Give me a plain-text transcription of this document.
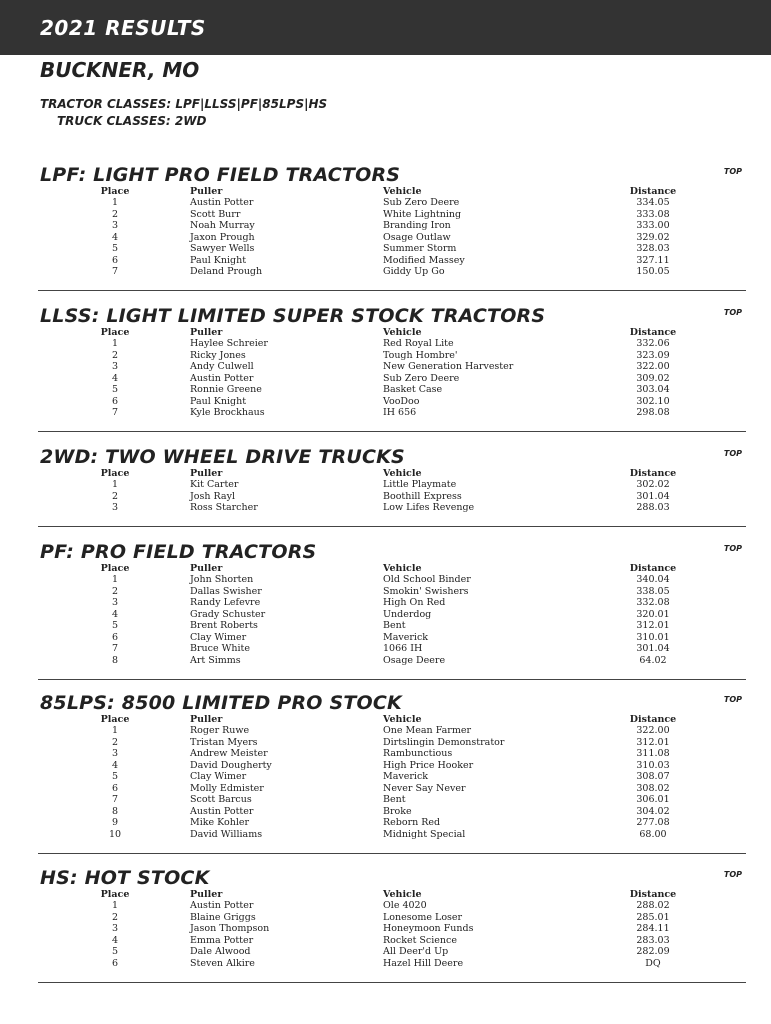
2021 RESULTS
BUCKNER, MO
TRACTOR CLASSES: LPF|LLSS|PF|85LPS|HS
TRUCK CLASSES: 2WD
LPF: LIGHT PRO FIELD TRACTORS	TOP
Place	Puller	Vehicle	Distance	
1	Austin Potter	Sub Zero Deere	334.05	
2	Scott Burr	White Lightning	333.08	
3	Noah Murray	Branding Iron	333.00	
4	Jaxon Prough	Osage Outlaw	329.02	
5	Sawyer Wells	Summer Storm	328.03	
6	Paul Knight	Modified Massey	327.11	
7	Deland Prough	Giddy Up Go	150.05	
LLSS: LIGHT LIMITED SUPER STOCK TRACTORS	TOP
Place	Puller	Vehicle	Distance	
1	Haylee Schreier	Red Royal Lite	332.06	
2	Ricky Jones	Tough Hombre'	323.09	
3	Andy Culwell	New Generation Harvester	322.00	
4	Austin Potter	Sub Zero Deere	309.02	
5	Ronnie Greene	Basket Case	303.04	
6	Paul Knight	VooDoo	302.10	
7	Kyle Brockhaus	IH 656	298.08	
2WD: TWO WHEEL DRIVE TRUCKS	TOP
Place	Puller	Vehicle	Distance	
1	Kit Carter	Little Playmate	302.02	
2	Josh Rayl	Boothill Express	301.04	
3	Ross Starcher	Low Lifes Revenge	288.03	
PF: PRO FIELD TRACTORS	TOP
Place	Puller	Vehicle	Distance	
1	John Shorten	Old School Binder	340.04	
2	Dallas Swisher	Smokin' Swishers	338.05	
3	Randy Lefevre	High On Red	332.08	
4	Grady Schuster	Underdog	320.01	
5	Brent Roberts	Bent	312.01	
6	Clay Wimer	Maverick	310.01	
7	Bruce White	1066 IH	301.04	
8	Art Simms	Osage Deere	64.02	
85LPS: 8500 LIMITED PRO STOCK	TOP
Place	Puller	Vehicle	Distance	
1	Roger Ruwe	One Mean Farmer	322.00	
2	Tristan Myers	Dirtslingin Demonstrator	312.01	
3	Andrew Meister	Rambunctious	311.08	
4	David Dougherty	High Price Hooker	310.03	
5	Clay Wimer	Maverick	308.07	
6	Molly Edmister	Never Say Never	308.02	
7	Scott Barcus	Bent	306.01	
8	Austin Potter	Broke	304.02	
9	Mike Kohler	Reborn Red	277.08	
10	David Williams	Midnight Special	68.00	
HS: HOT STOCK	TOP
Place	Puller	Vehicle	Distance	
1	Austin Potter	Ole 4020	288.02	
2	Blaine Griggs	Lonesome Loser	285.01	
3	Jason Thompson	Honeymoon Funds	284.11	
4	Emma Potter	Rocket Science	283.03	
5	Dale Alwood	All Deer'd Up	282.09	
6	Steven Alkire	Hazel Hill Deere	DQ	
